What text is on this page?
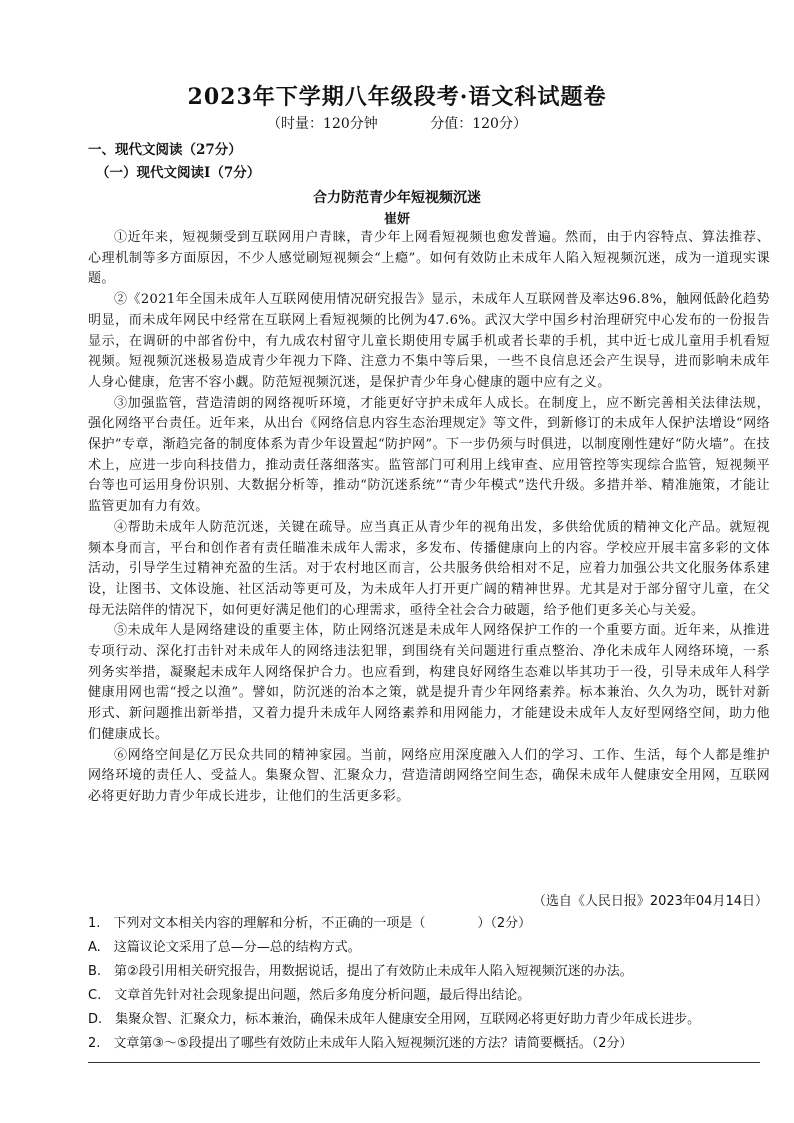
2023年下学期八年级段考·语文科试题卷
（时量：120分钟	分值：120分）
一、现代文阅读（27分）
（一）现代文阅读Ⅰ（7分）
合力防范青少年短视频沉迷
崔妍

①近年来，短视频受到互联网用户青睐，青少年上网看短视频也愈发普遍。然而，由于内容特点、算法推荐、心理机制等多方面原因，不少人感觉刷短视频会“上瘾”。如何有效防止未成年人陷入短视频沉迷，成为一道现实课题。

②《2021年全国未成年人互联网使用情况研究报告》显示，未成年人互联网普及率达96.8%，触网低龄化趋势明显，而未成年网民中经常在互联网上看短视频的比例为47.6%。武汉大学中国乡村治理研究中心发布的一份报告显示，在调研的中部省份中，有九成农村留守儿童长期使用专属手机或者长辈的手机，其中近七成儿童用手机看短视频。短视频沉迷极易造成青少年视力下降、注意力不集中等后果，一些不良信息还会产生误导，进而影响未成年人身心健康，危害不容小觑。防范短视频沉迷，是保护青少年身心健康的题中应有之义。

③加强监管，营造清朗的网络视听环境，才能更好守护未成年人成长。在制度上，应不断完善相关法律法规，强化网络平台责任。近年来，从出台《网络信息内容生态治理规定》等文件，到新修订的未成年人保护法增设“网络保护”专章，渐趋完备的制度体系为青少年设置起“防护网”。下一步仍须与时俱进，以制度刚性建好“防火墙”。在技术上，应进一步向科技借力，推动责任落细落实。监管部门可利用上线审查、应用管控等实现综合监管，短视频平台等也可运用身份识别、大数据分析等，推动“防沉迷系统”“青少年模式”迭代升级。多措并举、精准施策，才能让监管更加有力有效。

④帮助未成年人防范沉迷，关键在疏导。应当真正从青少年的视角出发，多供给优质的精神文化产品。就短视频本身而言，平台和创作者有责任瞄准未成年人需求，多发布、传播健康向上的内容。学校应开展丰富多彩的文体活动，引导学生过精神充盈的生活。对于农村地区而言，公共服务供给相对不足，应着力加强公共文化服务体系建设，让图书、文体设施、社区活动等更可及，为未成年人打开更广阔的精神世界。尤其是对于部分留守儿童，在父母无法陪伴的情况下，如何更好满足他们的心理需求，亟待全社会合力破题，给予他们更多关心与关爱。

⑤未成年人是网络建设的重要主体，防止网络沉迷是未成年人网络保护工作的一个重要方面。近年来，从推进专项行动、深化打击针对未成年人的网络违法犯罪，到围绕有关问题进行重点整治、净化未成年人网络环境，一系列务实举措，凝聚起未成年人网络保护合力。也应看到，构建良好网络生态难以毕其功于一役，引导未成年人科学健康用网也需“授之以渔”。譬如，防沉迷的治本之策，就是提升青少年网络素养。标本兼治、久久为功，既针对新形式、新问题推出新举措，又着力提升未成年人网络素养和用网能力，才能建设未成年人友好型网络空间，助力他们健康成长。

⑥网络空间是亿万民众共同的精神家园。当前，网络应用深度融入人们的学习、工作、生活，每个人都是维护网络环境的责任人、受益人。集聚众智、汇聚众力，营造清朗网络空间生态，确保未成年人健康安全用网，互联网必将更好助力青少年成长进步，让他们的生活更多彩。

（选自《人民日报》2023年04月14日）
1.　下列对文本相关内容的理解和分析，不正确的一项是（　　　　）（2分）
A.　这篇议论文采用了总—分—总的结构方式。
B.　第②段引用相关研究报告，用数据说话，提出了有效防止未成年人陷入短视频沉迷的办法。
C.　文章首先针对社会现象提出问题，然后多角度分析问题，最后得出结论。
D.　集聚众智、汇聚众力，标本兼治，确保未成年人健康安全用网，互联网必将更好助力青少年成长进步。
2.　文章第③～⑤段提出了哪些有效防止未成年人陷入短视频沉迷的方法？请简要概括。（2分）
